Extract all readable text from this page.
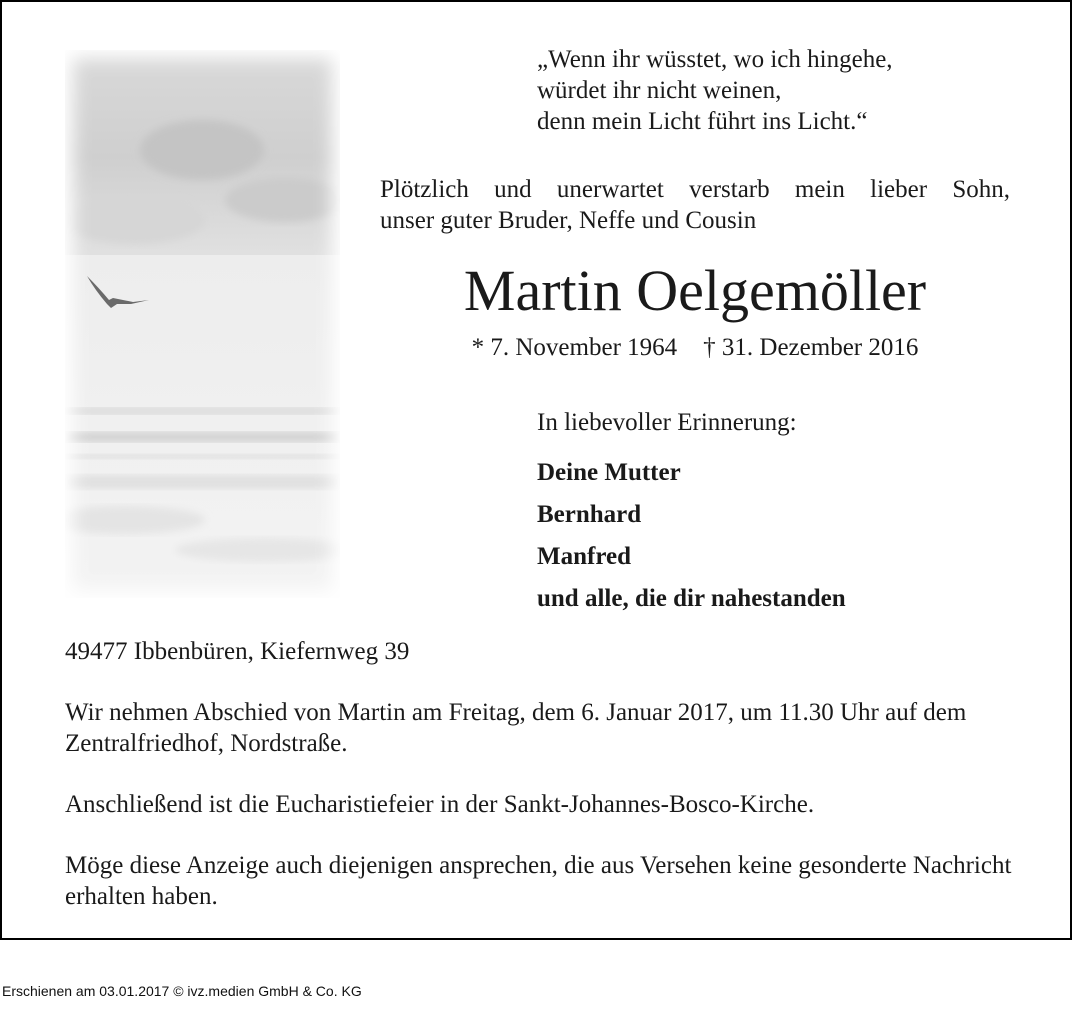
„Wenn ihr wüsstet, wo ich hingehe,
würdet ihr nicht weinen,
denn mein Licht führt ins Licht.“
Plötzlich und unerwartet verstarb mein lieber Sohn,
unser guter Bruder, Neffe und Cousin
Martin Oelgemöller
* 7. November 1964 † 31. Dezember 2016
In liebevoller Erinnerung:
Deine Mutter
Bernhard
Manfred
und alle, die dir nahestanden
49477 Ibbenbüren, Kiefernweg 39
Wir nehmen Abschied von Martin am Freitag, dem 6. Januar 2017, um 11.30 Uhr auf dem Zentralfriedhof, Nordstraße.
Anschließend ist die Eucharistiefeier in der Sankt-Johannes-Bosco-Kirche.
Möge diese Anzeige auch diejenigen ansprechen, die aus Versehen keine gesonderte Nachricht erhalten haben.
Erschienen am 03.01.2017 © ivz.medien GmbH & Co. KG
